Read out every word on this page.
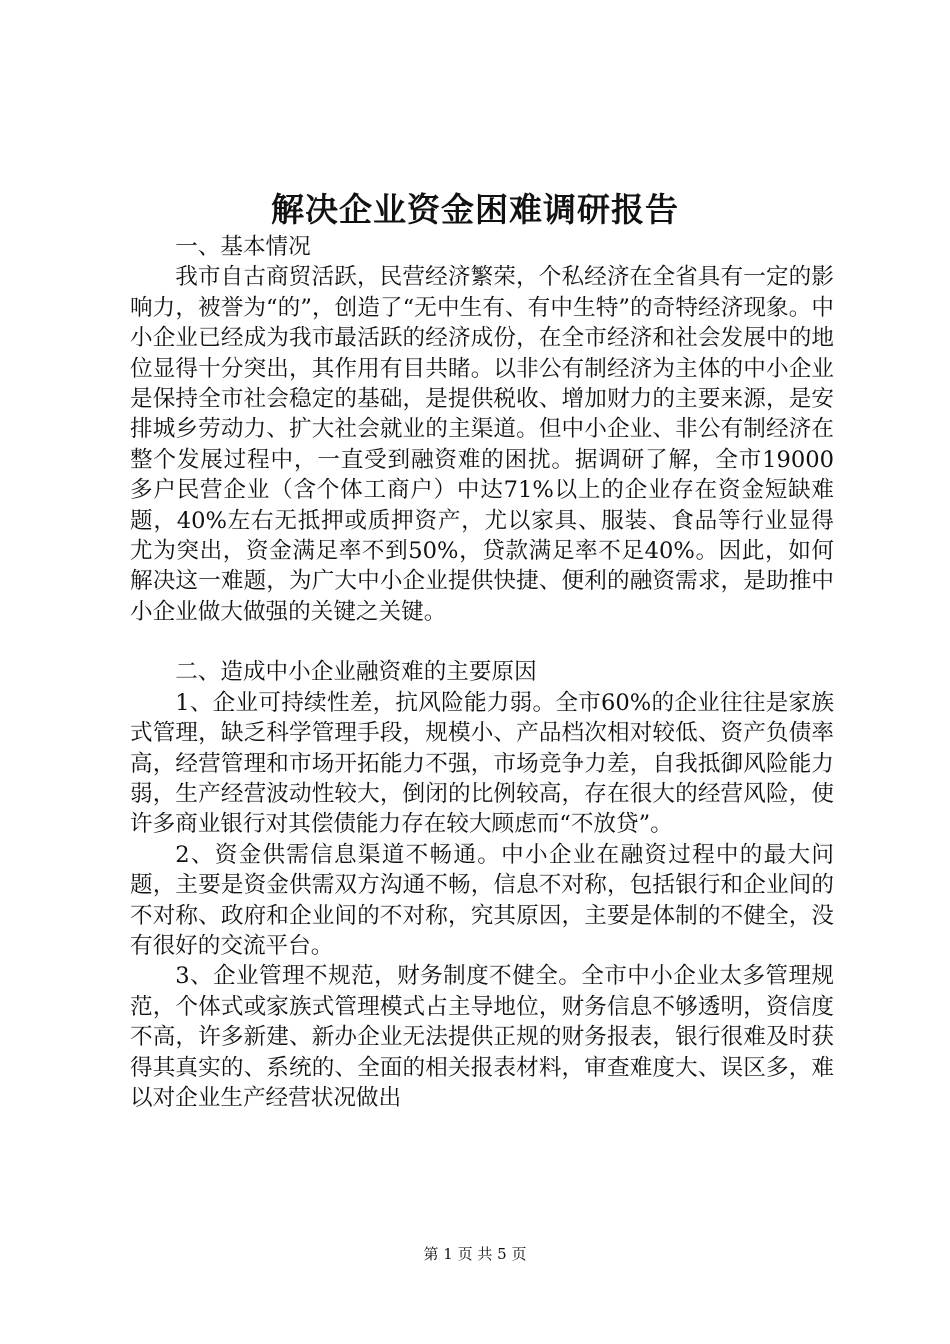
解决企业资金困难调研报告

一、基本情况

我市自古商贸活跃，民营经济繁荣，个私经济在全省具有一定的影响力，被誉为“的”，创造了“无中生有、有中生特”的奇特经济现象。中小企业已经成为我市最活跃的经济成份，在全市经济和社会发展中的地位显得十分突出，其作用有目共睹。以非公有制经济为主体的中小企业是保持全市社会稳定的基础，是提供税收、增加财力的主要来源，是安排城乡劳动力、扩大社会就业的主渠道。但中小企业、非公有制经济在整个发展过程中，一直受到融资难的困扰。据调研了解，全市19000多户民营企业（含个体工商户）中达71%以上的企业存在资金短缺难题，40%左右无抵押或质押资产，尤以家具、服装、食品等行业显得尤为突出，资金满足率不到50%，贷款满足率不足40%。因此，如何解决这一难题，为广大中小企业提供快捷、便利的融资需求，是助推中小企业做大做强的关键之关键。

二、造成中小企业融资难的主要原因

1、企业可持续性差，抗风险能力弱。全市60%的企业往往是家族式管理，缺乏科学管理手段，规模小、产品档次相对较低、资产负债率高，经营管理和市场开拓能力不强，市场竞争力差，自我抵御风险能力弱，生产经营波动性较大，倒闭的比例较高，存在很大的经营风险，使许多商业银行对其偿债能力存在较大顾虑而“不放贷”。

2、资金供需信息渠道不畅通。中小企业在融资过程中的最大问题，主要是资金供需双方沟通不畅，信息不对称，包括银行和企业间的不对称、政府和企业间的不对称，究其原因，主要是体制的不健全，没有很好的交流平台。

3、企业管理不规范，财务制度不健全。全市中小企业太多管理规范，个体式或家族式管理模式占主导地位，财务信息不够透明，资信度不高，许多新建、新办企业无法提供正规的财务报表，银行很难及时获得其真实的、系统的、全面的相关报表材料，审查难度大、误区多，难以对企业生产经营状况做出

第 1 页 共 5 页
